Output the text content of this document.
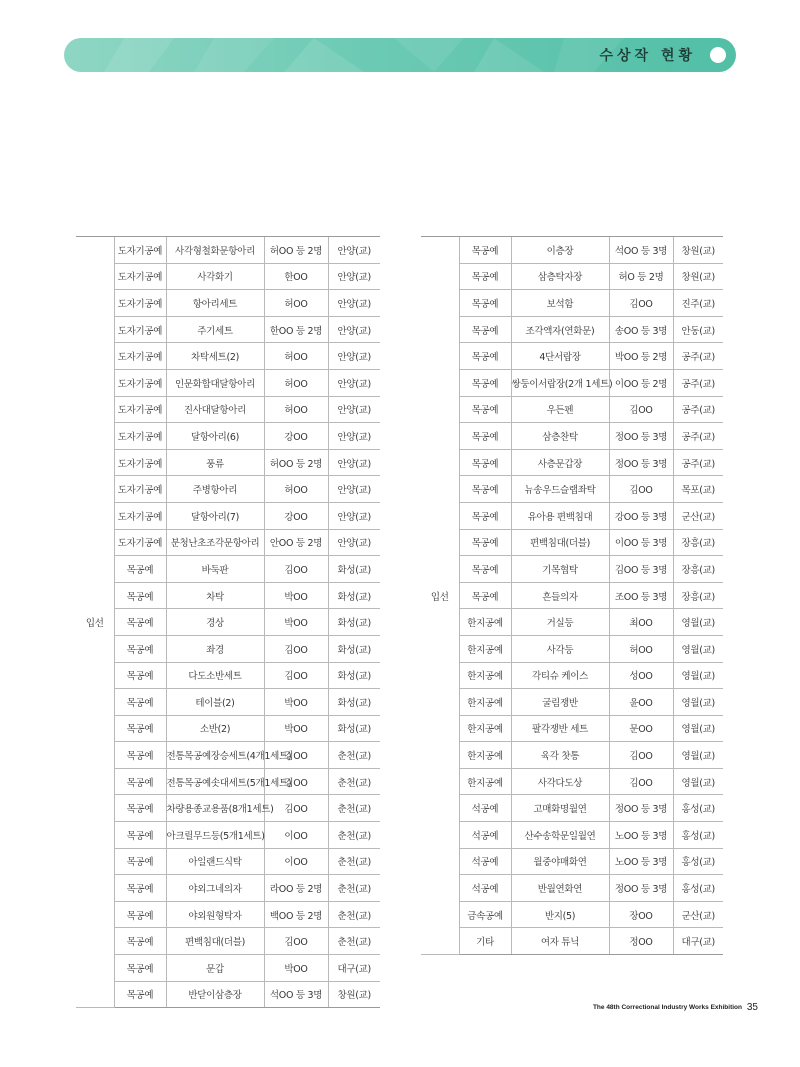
수상작 현황
입선	도자기공예	사각형철화문항아리	허OO 등 2명	안양(교)
	도자기공예	사각화기	한OO	안양(교)
	도자기공예	항아리세트	허OO	안양(교)
	도자기공예	주기세트	한OO 등 2명	안양(교)
	도자기공예	차탁세트(2)	허OO	안양(교)
	도자기공예	인문화합대달항아리	허OO	안양(교)
	도자기공예	진사대달항아리	허OO	안양(교)
	도자기공예	달항아리(6)	강OO	안양(교)
	도자기공예	풍류	허OO 등 2명	안양(교)
	도자기공예	주병항아리	허OO	안양(교)
	도자기공예	달항아리(7)	강OO	안양(교)
	도자기공예	분청난초조각문항아리	안OO 등 2명	안양(교)
	목공예	바둑판	김OO	화성(교)
	목공예	차탁	박OO	화성(교)
	목공예	경상	박OO	화성(교)
	목공예	좌경	김OO	화성(교)
	목공예	다도소반세트	김OO	화성(교)
	목공예	테이블(2)	박OO	화성(교)
	목공예	소반(2)	박OO	화성(교)
	목공예	전통목공예장승세트(4개1세트)	김OO	춘천(교)
	목공예	전통목공예솟대세트(5개1세트)	김OO	춘천(교)
	목공예	차량용종교용품(8개1세트)	김OO	춘천(교)
	목공예	아크릴무드등(5개1세트)	이OO	춘천(교)
	목공예	아일랜드식탁	이OO	춘천(교)
	목공예	야외그네의자	라OO 등 2명	춘천(교)
	목공예	야외원형탁자	백OO 등 2명	춘천(교)
	목공예	편백침대(더블)	김OO	춘천(교)
	목공예	문갑	박OO	대구(교)
	목공예	반닫이삼층장	석OO 등 3명	창원(교)
입선	목공예	이층장	석OO 등 3명	창원(교)
	목공예	삼층탁자장	허O 등 2명	창원(교)
	목공예	보석함	김OO	진주(교)
	목공예	조각액자(연화문)	송OO 등 3명	안동(교)
	목공예	4단서랍장	박OO 등 2명	공주(교)
	목공예	쌍둥이서랍장(2개 1세트)	이OO 등 2명	공주(교)
	목공예	우든펜	김OO	공주(교)
	목공예	삼층찬탁	정OO 등 3명	공주(교)
	목공예	사층문갑장	정OO 등 3명	공주(교)
	목공예	뉴송우드슬랩좌탁	김OO	목포(교)
	목공예	유아용 편백침대	강OO 등 3명	군산(교)
	목공예	편백침대(더블)	이OO 등 3명	장흥(교)
	목공예	기목협탁	김OO 등 3명	장흥(교)
	목공예	흔들의자	조OO 등 3명	장흥(교)
	한지공예	거실등	최OO	영월(교)
	한지공예	사각등	허OO	영월(교)
	한지공예	각티슈 케이스	성OO	영월(교)
	한지공예	굴림쟁반	윤OO	영월(교)
	한지공예	팔각쟁반 세트	문OO	영월(교)
	한지공예	육각 찻통	김OO	영월(교)
	한지공예	사각다도상	김OO	영월(교)
	석공예	고매화명월연	정OO 등 3명	홍성(교)
	석공예	산수송학문일월연	노OO 등 3명	홍성(교)
	석공예	월중야매화연	노OO 등 3명	홍성(교)
	석공예	반월연화연	정OO 등 3명	홍성(교)
	금속공예	반지(5)	장OO	군산(교)
	기타	여자 튜닉	정OO	대구(교)
The 48th Correctional Industry Works Exhibition 35
